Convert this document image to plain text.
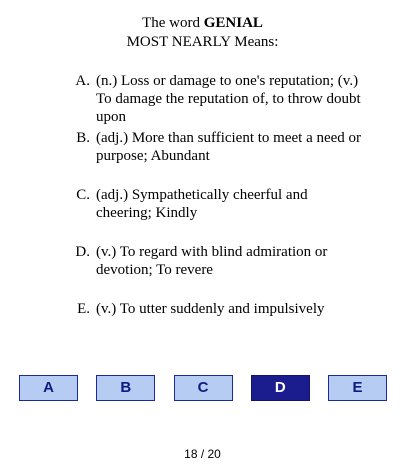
The word GENIAL
MOST NEARLY Means:
A. (n.) Loss or damage to one's reputation; (v.) To damage the reputation of, to throw doubt upon
B. (adj.) More than sufficient to meet a need or purpose; Abundant
C. (adj.) Sympathetically cheerful and cheering; Kindly
D. (v.) To regard with blind admiration or devotion; To revere
E. (v.) To utter suddenly and impulsively
A	B	C	D	E
18 / 20
